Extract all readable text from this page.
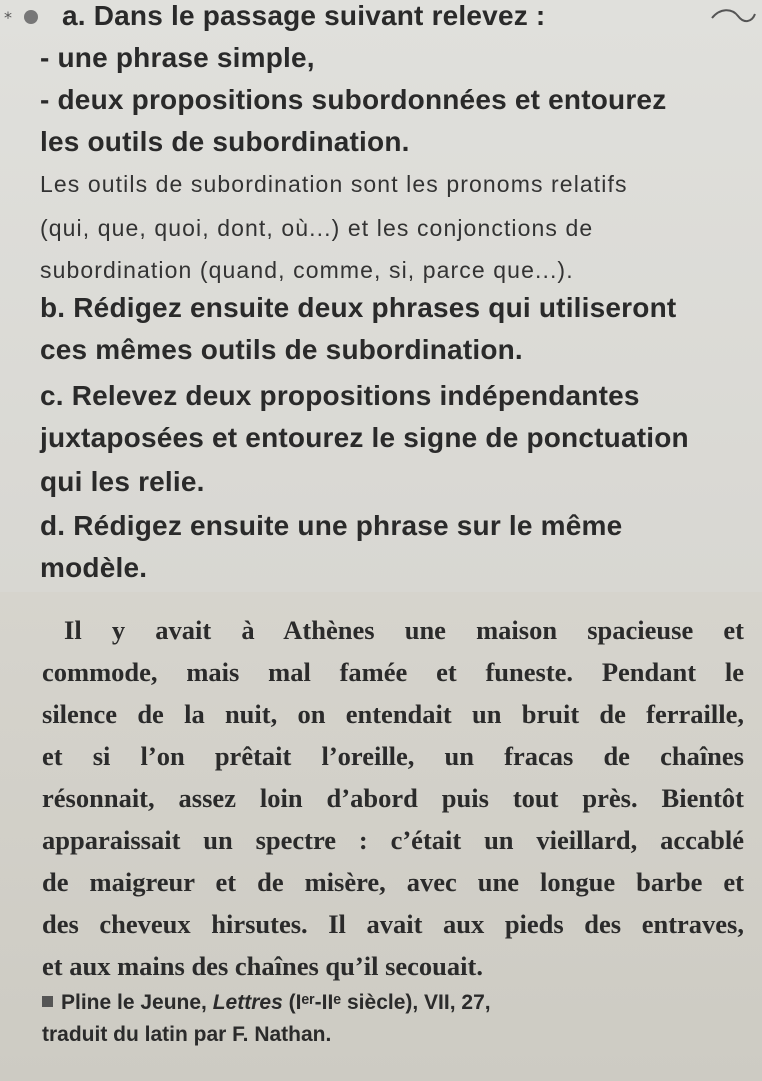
*	a. Dans le passage suivant relevez :
- une phrase simple,
- deux propositions subordonnées et entourez
les outils de subordination.
Les outils de subordination sont les pronoms relatifs
(qui, que, quoi, dont, où...) et les conjonctions de
subordination (quand, comme, si, parce que...).
b. Rédigez ensuite deux phrases qui utiliseront
ces mêmes outils de subordination.
c. Relevez deux propositions indépendantes
juxtaposées et entourez le signe de ponctuation
qui les relie.
d. Rédigez ensuite une phrase sur le même
modèle.
Il y avait à Athènes une maison spacieuse et
commode, mais mal famée et funeste. Pendant le
silence de la nuit, on entendait un bruit de ferraille,
et si l’on prêtait l’oreille, un fracas de chaînes
résonnait, assez loin d’abord puis tout près. Bientôt
apparaissait un spectre : c’était un vieillard, accablé
de maigreur et de misère, avec une longue barbe et
des cheveux hirsutes. Il avait aux pieds des entraves,
et aux mains des chaînes qu’il secouait.
Pline le Jeune, Lettres (Iᵉʳ-IIᵉ siècle), VII, 27,
traduit du latin par F. Nathan.
